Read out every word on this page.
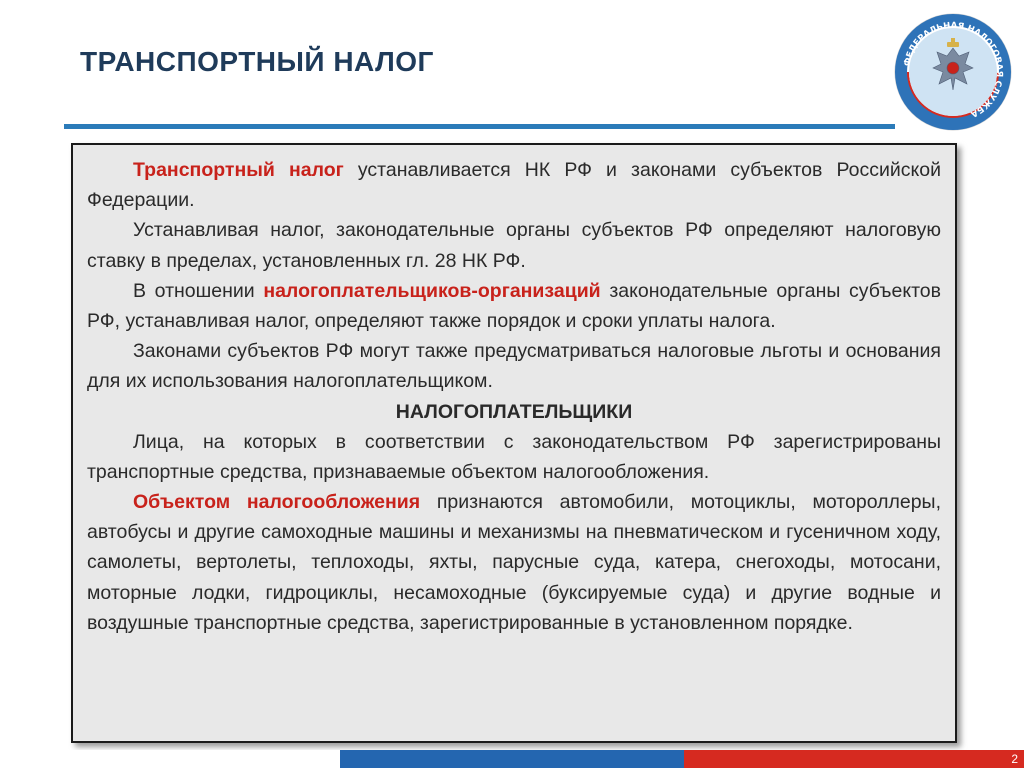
ТРАНСПОРТНЫЙ НАЛОГ	ФЕДЕРАЛЬНАЯ НАЛОГОВАЯ СЛУЖБА

Транспортный налог устанавливается НК РФ и законами субъектов Российской Федерации.

Устанавливая налог, законодательные органы субъектов РФ определяют налоговую ставку в пределах, установленных гл. 28 НК РФ.

В отношении налогоплательщиков-организаций законодательные органы субъектов РФ, устанавливая налог, определяют также порядок и сроки уплаты налога.

Законами субъектов РФ могут также предусматриваться налоговые льготы и основания для их использования налогоплательщиком.

НАЛОГОПЛАТЕЛЬЩИКИ

Лица, на которых в соответствии с законодательством РФ зарегистрированы транспортные средства, признаваемые объектом налогообложения.

Объектом налогообложения признаются автомобили, мотоциклы, мотороллеры, автобусы и другие самоходные машины и механизмы на пневматическом и гусеничном ходу, самолеты, вертолеты, теплоходы, яхты, парусные суда, катера, снегоходы, мотосани, моторные лодки, гидроциклы, несамоходные (буксируемые суда) и другие водные и воздушные транспортные средства, зарегистрированные в установленном порядке.

2
